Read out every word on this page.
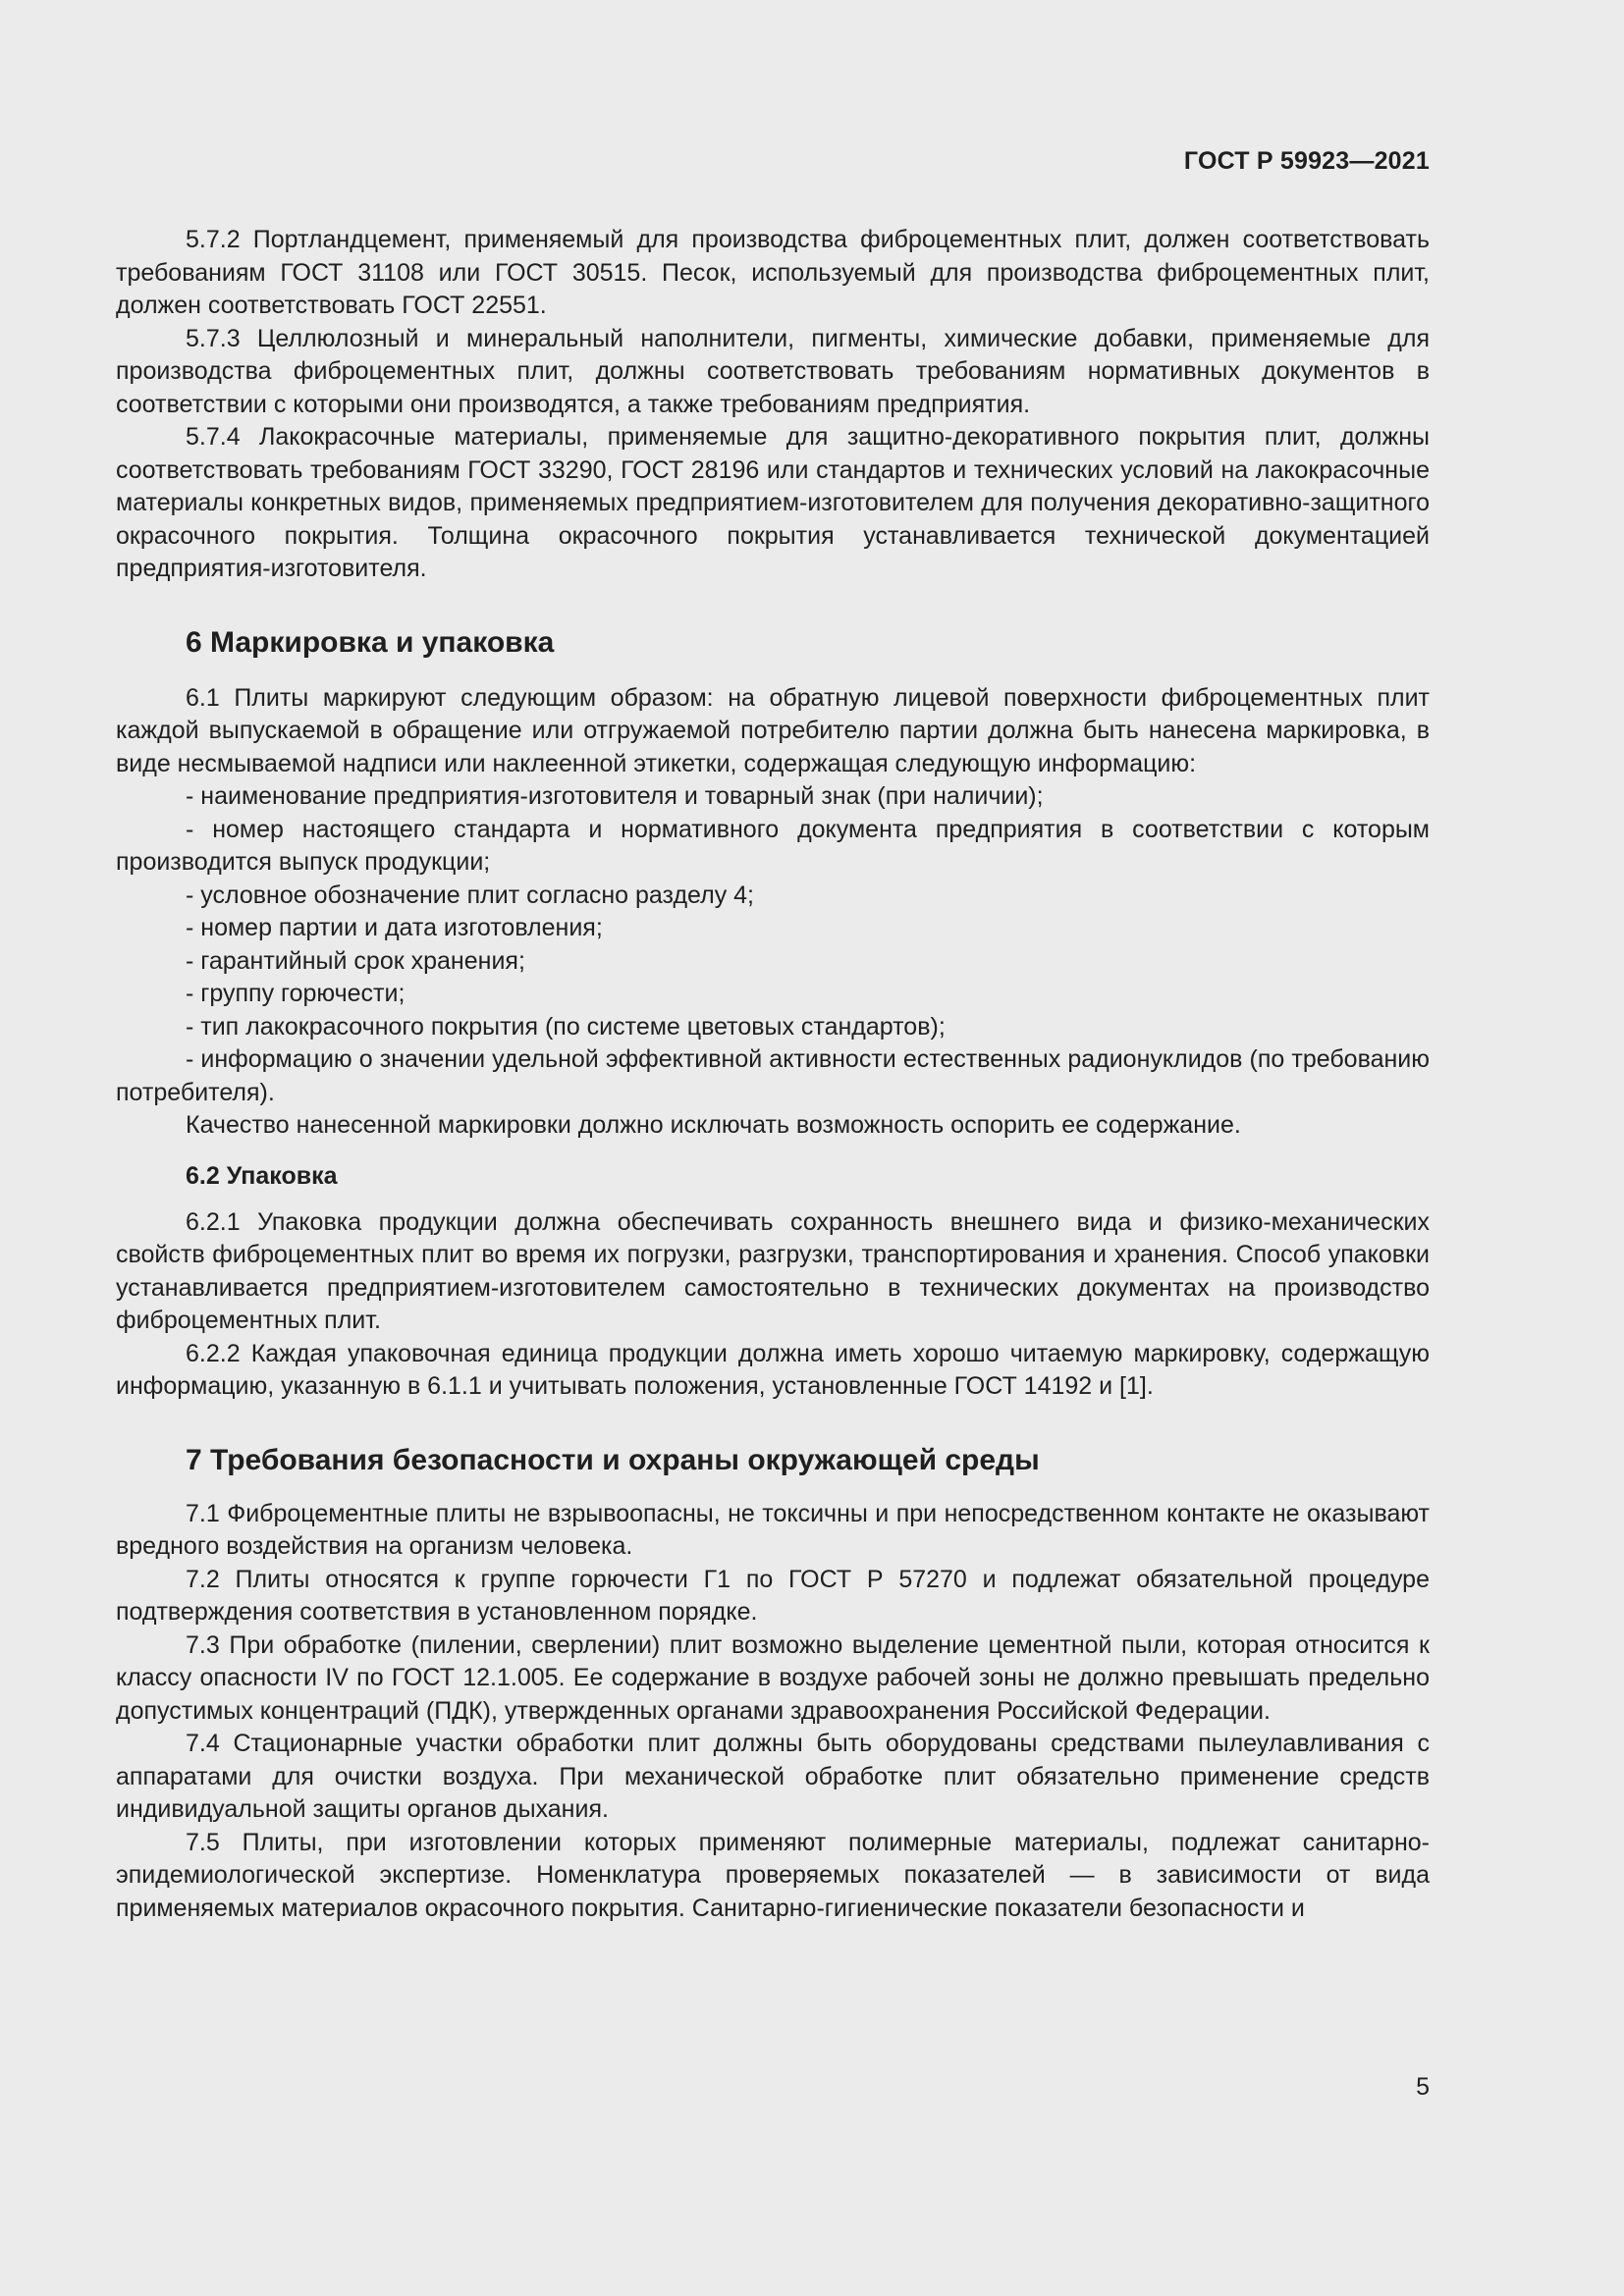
ГОСТ Р 59923—2021

5.7.2 Портландцемент, применяемый для производства фиброцементных плит, должен соответствовать требованиям ГОСТ 31108 или ГОСТ 30515. Песок, используемый для производства фиброцементных плит, должен соответствовать ГОСТ 22551.

5.7.3 Целлюлозный и минеральный наполнители, пигменты, химические добавки, применяемые для производства фиброцементных плит, должны соответствовать требованиям нормативных документов в соответствии с которыми они производятся, а также требованиям предприятия.

5.7.4 Лакокрасочные материалы, применяемые для защитно-декоративного покрытия плит, должны соответствовать требованиям ГОСТ 33290, ГОСТ 28196 или стандартов и технических условий на лакокрасочные материалы конкретных видов, применяемых предприятием-изготовителем для получения декоративно-защитного окрасочного покрытия. Толщина окрасочного покрытия устанавливается технической документацией предприятия-изготовителя.

6 Маркировка и упаковка

6.1 Плиты маркируют следующим образом: на обратную лицевой поверхности фиброцементных плит каждой выпускаемой в обращение или отгружаемой потребителю партии должна быть нанесена маркировка, в виде несмываемой надписи или наклеенной этикетки, содержащая следующую информацию:

- наименование предприятия-изготовителя и товарный знак (при наличии);

- номер настоящего стандарта и нормативного документа предприятия в соответствии с которым производится выпуск продукции;

- условное обозначение плит согласно разделу 4;

- номер партии и дата изготовления;

- гарантийный срок хранения;

- группу горючести;

- тип лакокрасочного покрытия (по системе цветовых стандартов);

- информацию о значении удельной эффективной активности естественных радионуклидов (по требованию потребителя).

Качество нанесенной маркировки должно исключать возможность оспорить ее содержание.

6.2 Упаковка

6.2.1 Упаковка продукции должна обеспечивать сохранность внешнего вида и физико-механических свойств фиброцементных плит во время их погрузки, разгрузки, транспортирования и хранения. Способ упаковки устанавливается предприятием-изготовителем самостоятельно в технических документах на производство фиброцементных плит.

6.2.2 Каждая упаковочная единица продукции должна иметь хорошо читаемую маркировку, содержащую информацию, указанную в 6.1.1 и учитывать положения, установленные ГОСТ 14192 и [1].

7 Требования безопасности и охраны окружающей среды

7.1 Фиброцементные плиты не взрывоопасны, не токсичны и при непосредственном контакте не оказывают вредного воздействия на организм человека.

7.2 Плиты относятся к группе горючести Г1 по ГОСТ Р 57270 и подлежат обязательной процедуре подтверждения соответствия в установленном порядке.

7.3 При обработке (пилении, сверлении) плит возможно выделение цементной пыли, которая относится к классу опасности IV по ГОСТ 12.1.005. Ее содержание в воздухе рабочей зоны не должно превышать предельно допустимых концентраций (ПДК), утвержденных органами здравоохранения Российской Федерации.

7.4 Стационарные участки обработки плит должны быть оборудованы средствами пылеулавливания с аппаратами для очистки воздуха. При механической обработке плит обязательно применение средств индивидуальной защиты органов дыхания.

7.5 Плиты, при изготовлении которых применяют полимерные материалы, подлежат санитарно-эпидемиологической экспертизе. Номенклатура проверяемых показателей — в зависимости от вида применяемых материалов окрасочного покрытия. Санитарно-гигиенические показатели безопасности и

5
